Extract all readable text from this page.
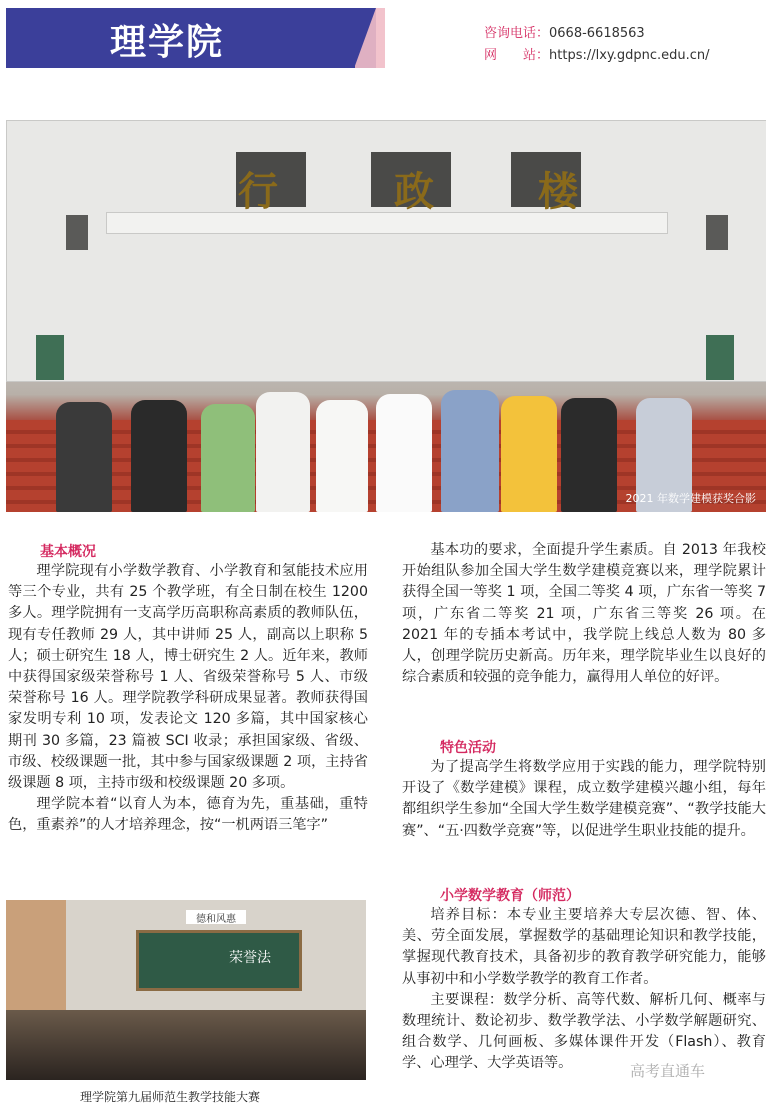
理学院	咨询电话：0668-6618563
网　　站：https://lxy.gdpnc.edu.cn/
行	政	楼
2021 年数学建模获奖合影
基本概况

理学院现有小学数学教育、小学教育和氢能技术应用等三个专业，共有 25 个教学班，有全日制在校生 1200 多人。理学院拥有一支高学历高职称高素质的教师队伍，现有专任教师 29 人，其中讲师 25 人，副高以上职称 5 人；硕士研究生 18 人，博士研究生 2 人。近年来，教师中获得国家级荣誉称号 1 人、省级荣誉称号 5 人、市级荣誉称号 16 人。理学院教学科研成果显著。教师获得国家发明专利 10 项，发表论文 120 多篇，其中国家核心期刊 30 多篇，23 篇被 SCI 收录；承担国家级、省级、市级、校级课题一批，其中参与国家级课题 2 项，主持省级课题 8 项，主持市级和校级课题 20 多项。

理学院本着“以育人为本，德育为先，重基础，重特色，重素养”的人才培养理念，按“一机两语三笔字”

基本功的要求，全面提升学生素质。自 2013 年我校开始组队参加全国大学生数学建模竞赛以来，理学院累计获得全国一等奖 1 项，全国二等奖 4 项，广东省一等奖 7 项，广东省二等奖 21 项，广东省三等奖 26 项。在 2021 年的专插本考试中，我学院上线总人数为 80 多人，创理学院历史新高。历年来，理学院毕业生以良好的综合素质和较强的竞争能力，赢得用人单位的好评。

特色活动

为了提高学生将数学应用于实践的能力，理学院特别开设了《数学建模》课程，成立数学建模兴趣小组，每年都组织学生参加“全国大学生数学建模竞赛”、“教学技能大赛”、“五·四数学竞赛”等，以促进学生职业技能的提升。

小学数学教育（师范）

培养目标：本专业主要培养大专层次德、智、体、美、劳全面发展，掌握数学的基础理论知识和教学技能，掌握现代教育技术，具备初步的教育教学研究能力，能够从事初中和小学数学教学的教育工作者。

主要课程：数学分析、高等代数、解析几何、概率与数理统计、数论初步、数学教学法、小学数学解题研究、组合数学、几何画板、多媒体课件开发（Flash）、教育学、心理学、大学英语等。

德和风惠
荣誉法
理学院第九届师范生教学技能大赛
高考直通车
